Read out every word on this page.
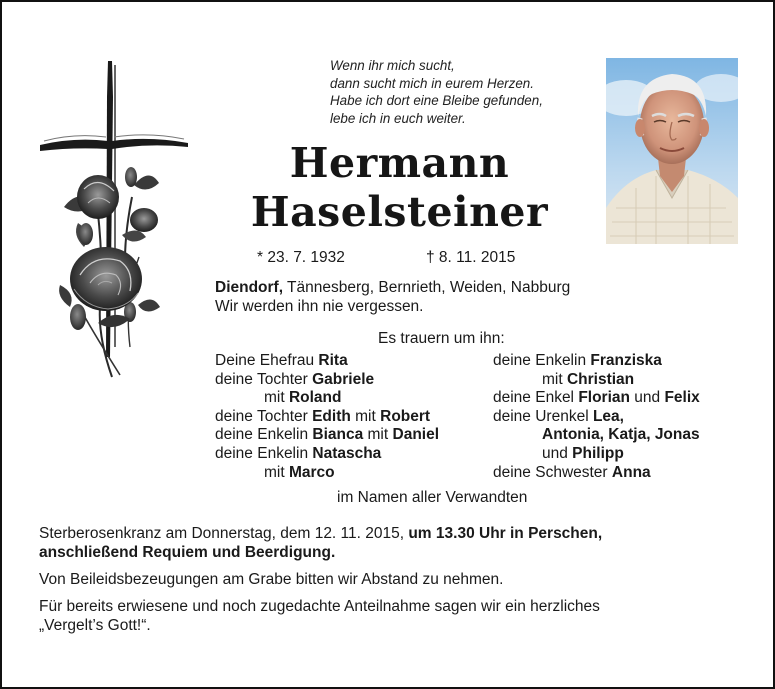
Wenn ihr mich sucht,
dann sucht mich in eurem Herzen.
Habe ich dort eine Bleibe gefunden,
lebe ich in euch weiter.
Hermann
Haselsteiner
* 23. 7. 1932	† 8. 11. 2015
Diendorf, Tännesberg, Bernrieth, Weiden, Nabburg
Wir werden ihn nie vergessen.
Es trauern um ihn:
Deine Ehefrau Rita
deine Tochter Gabriele
mit Roland
deine Tochter Edith mit Robert
deine Enkelin Bianca mit Daniel
deine Enkelin Natascha
mit Marco
deine Enkelin Franziska
mit Christian
deine Enkel Florian und Felix
deine Urenkel Lea,
Antonia, Katja, Jonas
und Philipp
deine Schwester Anna
im Namen aller Verwandten
Sterberosenkranz am Donnerstag, dem 12. 11. 2015, um 13.30 Uhr in Perschen,
anschließend Requiem und Beerdigung.
Von Beileidsbezeugungen am Grabe bitten wir Abstand zu nehmen.
Für bereits erwiesene und noch zugedachte Anteilnahme sagen wir ein herzliches
„Vergelt’s Gott!“.
